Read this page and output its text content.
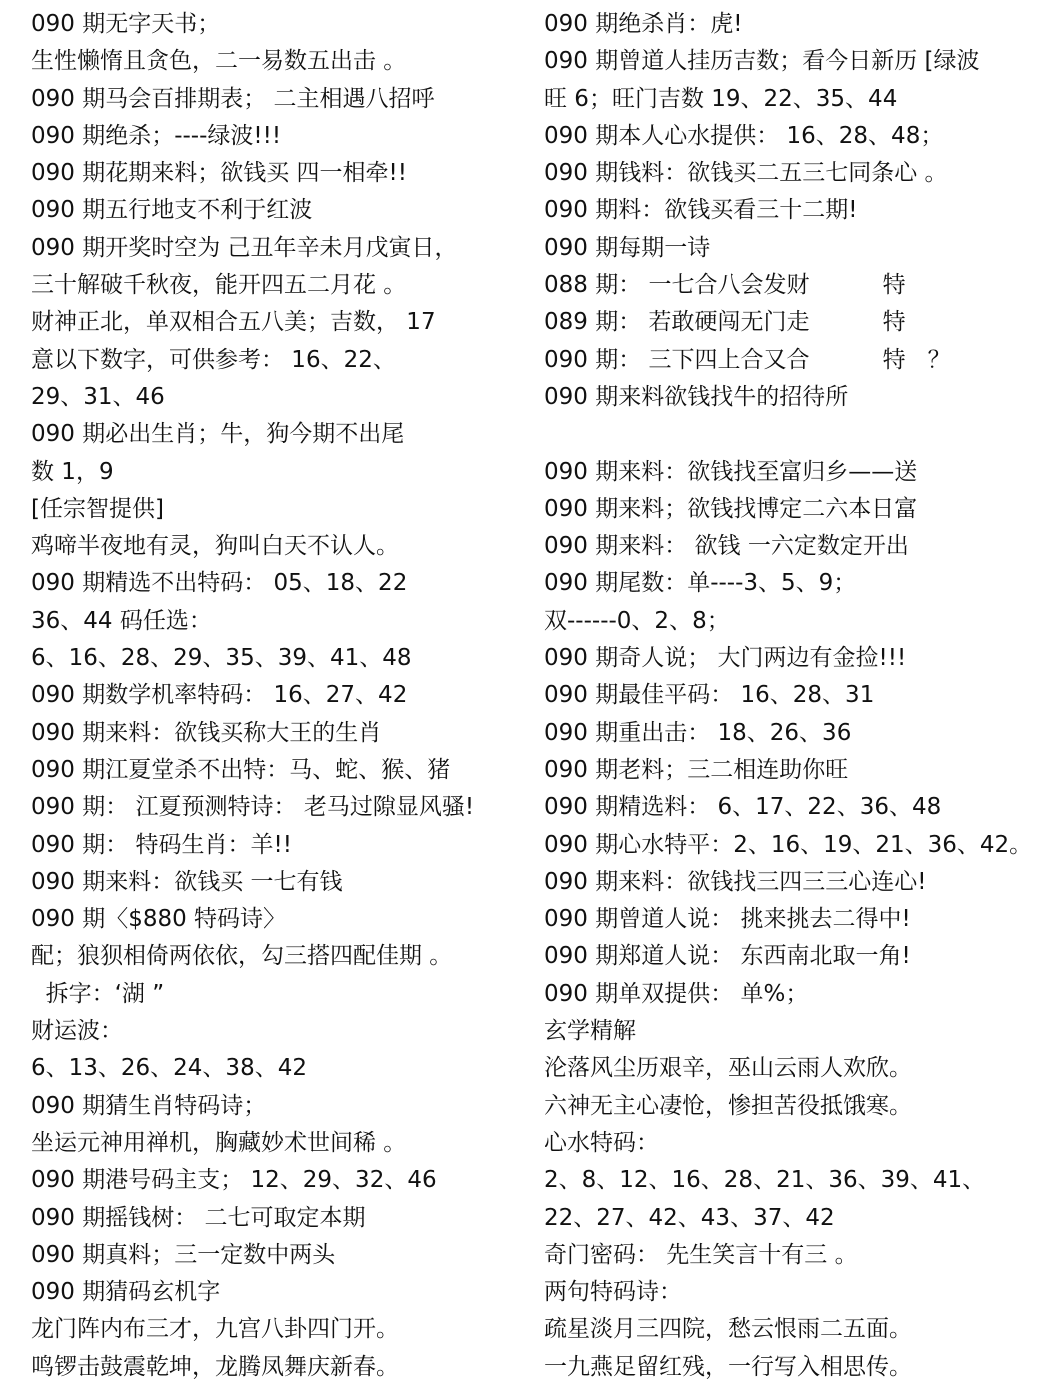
090 期无字天书；
生性懒惰且贪色，二一易数五出击 。
090 期马会百排期表； 二主相遇八招呼
090 期绝杀；----绿波!!!
090 期花期来料；欲钱买 四一相牵!!
090 期五行地支不利于红波
090 期开奖时空为 己丑年辛未月戊寅日，
三十解破千秋夜，能开四五二月花 。
财神正北，单双相合五八美；吉数， 17
意以下数字，可供参考： 16、22、
29、31、46
090 期必出生肖；牛，狗今期不出尾
数 1，9
[任宗智提供]
鸡啼半夜地有灵，狗叫白天不认人。
090 期精选不出特码： 05、18、22
36、44 码任选：
6、16、28、29、35、39、41、48
090 期数学机率特码： 16、27、42
090 期来料：欲钱买称大王的生肖
090 期江夏堂杀不出特：马、蛇、猴、猪
090 期： 江夏预测特诗： 老马过隙显风骚!
090 期： 特码生肖：羊!!
090 期来料：欲钱买 一七有钱
090 期〈$880 特码诗〉
配；狼狈相倚两依依，勾三搭四配佳期 。
拆字：‘湖 ”
财运波：
6、13、26、24、38、42
090 期猜生肖特码诗；
坐运元神用禅机，胸藏妙术世间稀 。
090 期港号码主支； 12、29、32、46
090 期摇钱树： 二七可取定本期
090 期真料；三一定数中两头
090 期猜码玄机字
龙门阵内布三才，九宫八卦四门开。
鸣锣击鼓震乾坤，龙腾凤舞庆新春。
090 期绝杀肖：虎!
090 期曾道人挂历吉数；看今日新历 [绿波
旺 6；旺门吉数 19、22、35、44
090 期本人心水提供： 16、28、48；
090 期钱料：欲钱买二五三七同条心 。
090 期料：欲钱买看三十二期!
090 期每期一诗
088 期： 一七合八会发财          特
089 期： 若敢硬闯无门走          特
090 期： 三下四上合又合          特   ？
090 期来料欲钱找牛的招待所
090 期来料：欲钱找至富归乡——送
090 期来料；欲钱找博定二六本日富
090 期来料： 欲钱 一六定数定开出
090 期尾数：单----3、5、9；
双------0、2、8；
090 期奇人说； 大门两边有金捡!!!
090 期最佳平码： 16、28、31
090 期重出击： 18、26、36
090 期老料；三二相连助你旺
090 期精选料： 6、17、22、36、48
090 期心水特平：2、16、19、21、36、42。
090 期来料：欲钱找三四三三心连心!
090 期曾道人说： 挑来挑去二得中!
090 期郑道人说： 东西南北取一角!
090 期单双提供： 单%；
玄学精解
沦落风尘历艰辛，巫山云雨人欢欣。
六神无主心凄怆，惨担苦役抵饿寒。
心水特码：
2、8、12、16、28、21、36、39、41、
22、27、42、43、37、42
奇门密码： 先生笑言十有三 。
两句特码诗：
疏星淡月三四院，愁云恨雨二五面。
一九燕足留红残，一行写入相思传。
